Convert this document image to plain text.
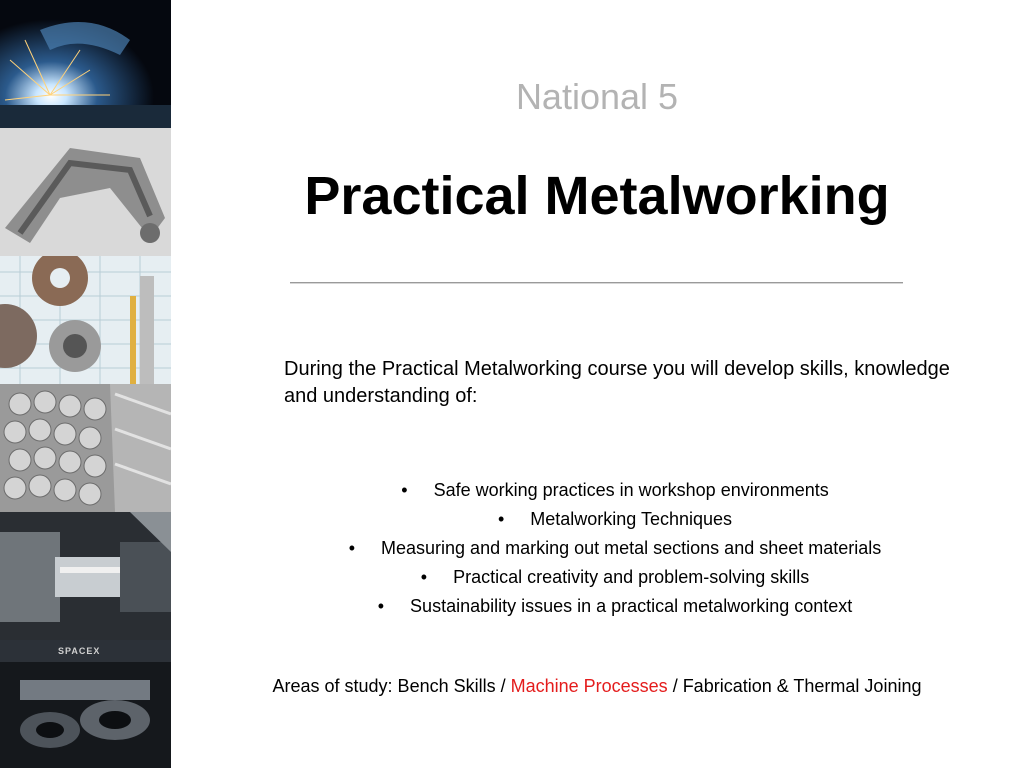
SPACEX
National 5
Practical Metalworking
During the Practical Metalworking course you will develop skills, knowledge and understanding of:
• Safe working practices in workshop environments
• Metalworking Techniques
• Measuring and marking out metal sections and sheet materials
• Practical creativity and problem-solving skills
• Sustainability issues in a practical metalworking context
Areas of study: Bench Skills / Machine Processes / Fabrication & Thermal Joining
